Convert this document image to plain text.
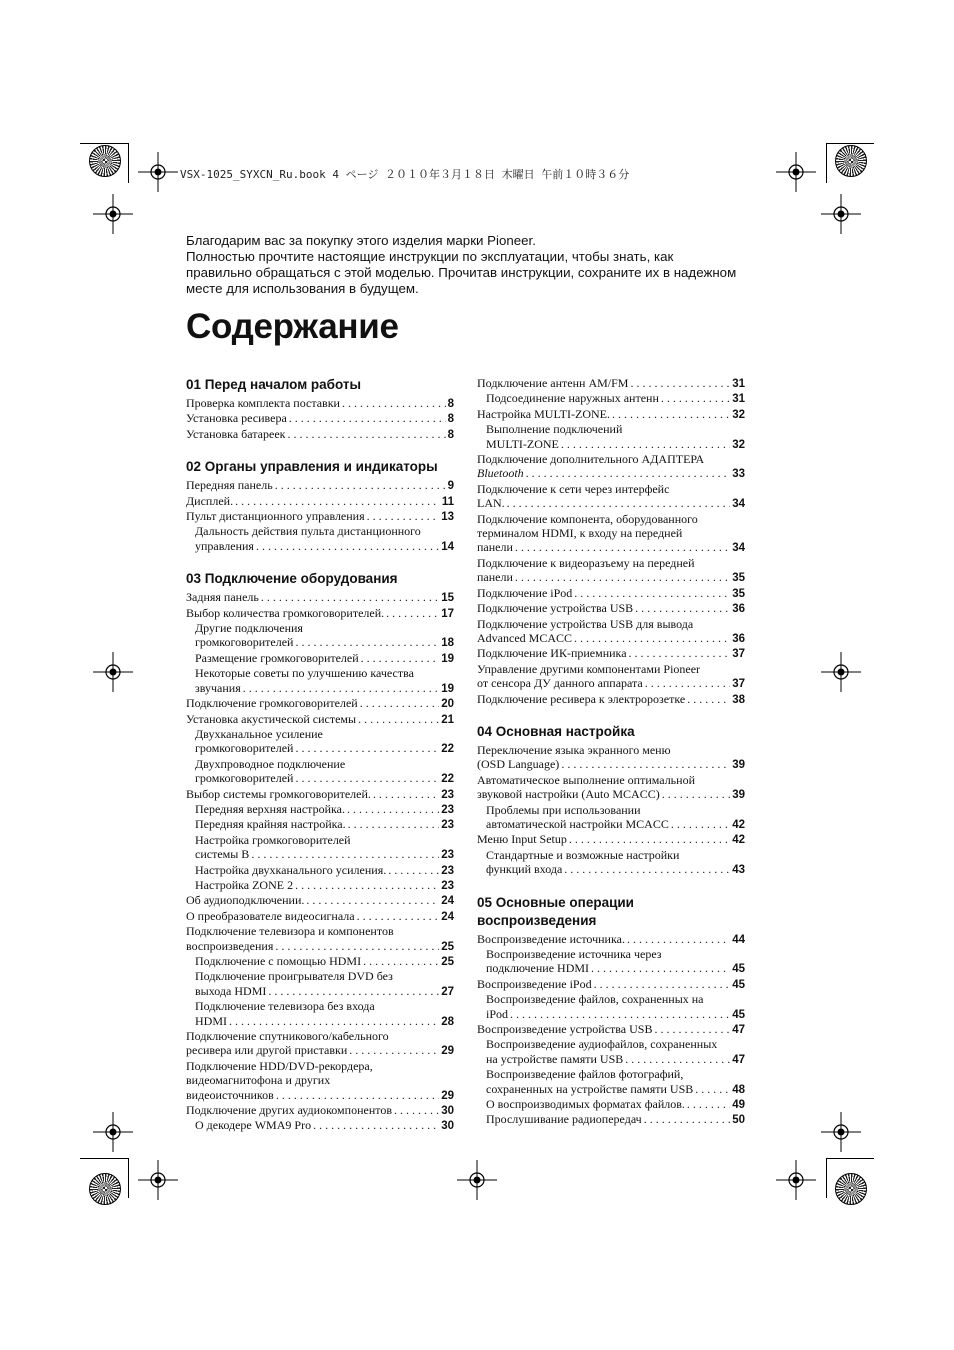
VSX-1025_SYXCN_Ru.book 4 ページ ２０１０年３月１８日 木曜日 午前１０時３６分
Благодарим вас за покупку этого изделия марки Pioneer.
Полностью прочтите настоящие инструкции по эксплуатации, чтобы знать, как
правильно обращаться с этой моделью. Прочитав инструкции, сохраните их в надежном
месте для использования в будущем.
Содержание
01 Перед началом работы
Проверка комплекта поставки . . .	8
Установка ресивера . . .	8
Установка батареек . . .	8
02 Органы управления и индикаторы
Передняя панель . . .	9
Дисплей. . . .	11
Пульт дистанционного управления . . .	13
Дальность действия пульта дистанционного
управления . . .	14
03 Подключение оборудования
Задняя панель . . .	15
Выбор количества громкоговорителей. . . .	17
Другие подключения
громкоговорителей . . .	18
Размещение громкоговорителей . . .	19
Некоторые советы по улучшению качества
звучания . . .	19
Подключение громкоговорителей . . .	20
Установка акустической системы . . .	21
Двухканальное усиление
громкоговорителей . . .	22
Двухпроводное подключение
громкоговорителей . . .	22
Выбор системы громкоговорителей. . . .	23
Передняя верхняя настройка. . . .	23
Передняя крайняя настройка. . . .	23
Настройка громкоговорителей
системы B . . .	23
Настройка двухканального усиления. . . .	23
Настройка ZONE 2 . . .	23
Об аудиоподключении. . . .	24
О преобразователе видеосигнала . . .	24
Подключение телевизора и компонентов
воспроизведения . . .	25
Подключение с помощью HDMI . . .	25
Подключение проигрывателя DVD без
выхода HDMI . . .	27
Подключение телевизора без входа
HDMI . . .	28
Подключение спутникового/кабельного
ресивера или другой приставки . . .	29
Подключение HDD/DVD-рекордера,
видеомагнитофона и других
видеоисточников . . .	29
Подключение других аудиокомпонентов . . .	30
О декодере WMA9 Pro . . .	30
Подключение антенн AM/FM . . .	31
Подсоединение наружных антенн . . .	31
Настройка MULTI-ZONE. . . .	32
Выполнение подключений
MULTI-ZONE . . .	32
Подключение дополнительного АДАПТЕРА
Bluetooth . . .	33
Подключение к сети через интерфейс
LAN. . . .	34
Подключение компонента, оборудованного
терминалом HDMI, к входу на передней
панели . . .	34
Подключение к видеоразъему на передней
панели . . .	35
Подключение iPod . . .	35
Подключение устройства USB . . .	36
Подключение устройства USB для вывода
Advanced MCACC . . .	36
Подключение ИК-приемника . . .	37
Управление другими компонентами Pioneer
от сенсора ДУ данного аппарата . . .	37
Подключение ресивера к электророзетке . . .	38
04 Основная настройка
Переключение языка экранного меню
(OSD Language) . . .	39
Автоматическое выполнение оптимальной
звуковой настройки (Auto MCACC) . . .	39
Проблемы при использовании
автоматической настройки MCACC . . .	42
Меню Input Setup . . .	42
Стандартные и возможные настройки
функций входа . . .	43
05 Основные операции
воспроизведения
Воспроизведение источника. . . .	44
Воспроизведение источника через
подключение HDMI . . .	45
Воспроизведение iPod . . .	45
Воспроизведение файлов, сохраненных на
iPod . . .	45
Воспроизведение устройства USB . . .	47
Воспроизведение аудиофайлов, сохраненных
на устройстве памяти USB . . .	47
Воспроизведение файлов фотографий,
сохраненных на устройстве памяти USB . . .	48
О воспроизводимых форматах файлов. . . .	49
Прослушивание радиопередач . . .	50
